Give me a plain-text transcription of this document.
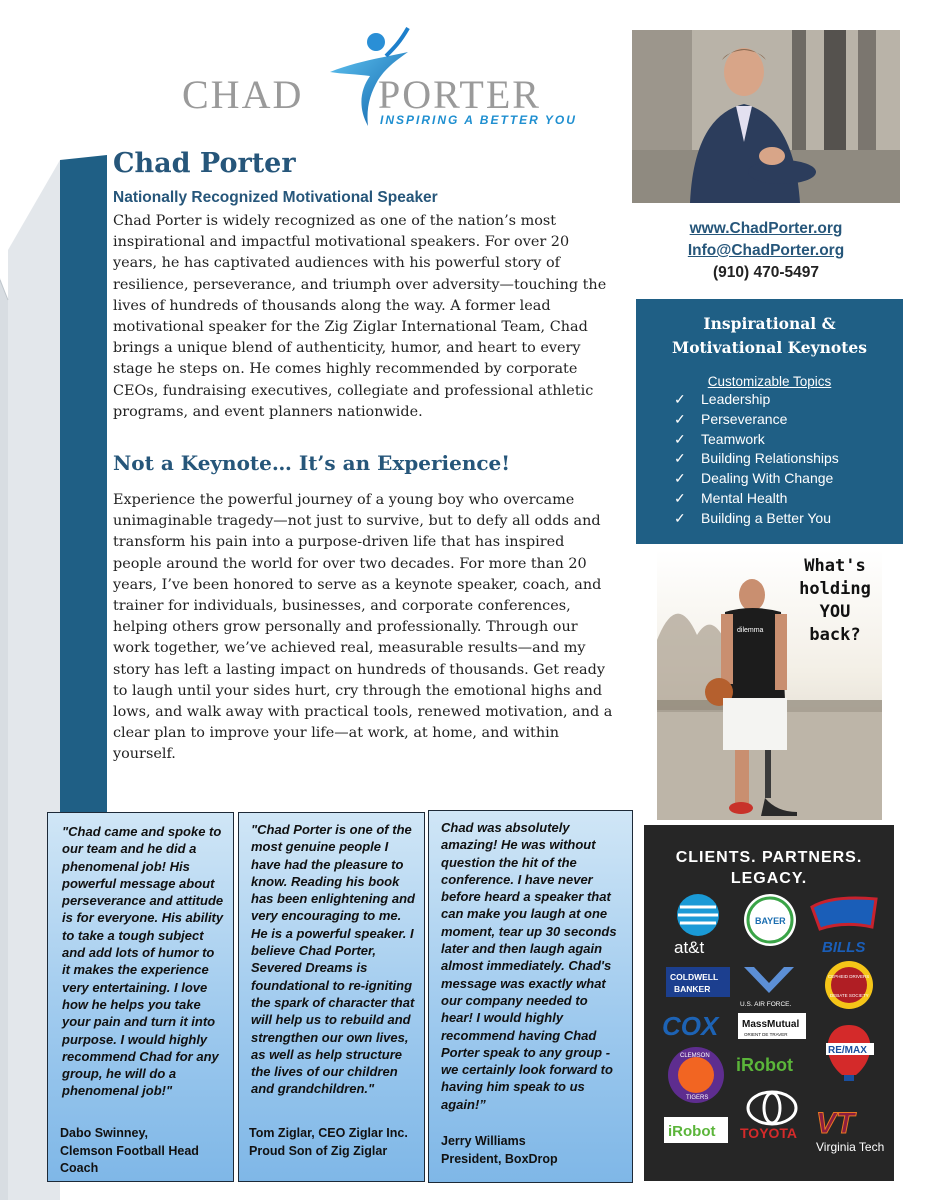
CHAD PORTER
INSPIRING A BETTER YOU
Chad Porter
Nationally Recognized Motivational Speaker

Chad Porter is widely recognized as one of the nation’s most inspirational and impactful motivational speakers. For over 20 years, he has captivated audiences with his powerful story of resilience, perseverance, and triumph over adversity—touching the lives of hundreds of thousands along the way. A former lead motivational speaker for the Zig Ziglar International Team, Chad brings a unique blend of authenticity, humor, and heart to every stage he steps on. He comes highly recommended by corporate CEOs, fundraising executives, collegiate and professional athletic programs, and event planners nationwide.

Not a Keynote… It’s an Experience!

Experience the powerful journey of a young boy who overcame unimaginable tragedy—not just to survive, but to defy all odds and transform his pain into a purpose-driven life that has inspired people around the world for over two decades. For more than 20 years, I’ve been honored to serve as a keynote speaker, coach, and trainer for individuals, businesses, and corporate conferences, helping others grow personally and professionally. Through our work together, we’ve achieved real, measurable results—and my story has left a lasting impact on hundreds of thousands. Get ready to laugh until your sides hurt, cry through the emotional highs and lows, and walk away with practical tools, renewed motivation, and a clear plan to improve your life—at work, at home, and within yourself.

www.ChadPorter.org
Info@ChadPorter.org
(910) 470-5497

Inspirational &
Motivational Keynotes

Customizable Topics

✓ Leadership
✓ Perseverance
✓ Teamwork
✓ Building Relationships
✓ Dealing With Change
✓ Mental Health
✓ Building a Better You
dilemma
What's
holding
YOU
back?
CLIENTS. PARTNERS.
LEGACY.
at&t
BAYER
BILLS
COLDWELL
BANKER
U.S. AIR FORCE.
CEPHEID DRIVERS
DEBATE SOCIETY
COX MassMutual
ORIENT DE TRAVER
RE/MAX
CLEMSON
TIGERS
iRobot
iRobot TOYOTA VT
Virginia Tech

"Chad came and spoke to our team and he did a phenomenal job! His powerful message about perseverance and attitude is for everyone. His ability to take a tough subject and add lots of humor to it makes the experience very entertaining. I love how he helps you take your pain and turn it into purpose. I would highly recommend Chad for any group, he will do a phenomenal job!"

Dabo Swinney,
Clemson Football Head
Coach

"Chad Porter is one of the most genuine people I have had the pleasure to know. Reading his book has been enlightening and very encouraging to me. He is a powerful speaker. I believe Chad Porter, Severed Dreams is foundational to re-igniting the spark of character that will help us to rebuild and strengthen our own lives, as well as help structure the lives of our children and grandchildren."

Tom Ziglar, CEO Ziglar Inc.
Proud Son of Zig Ziglar

Chad was absolutely amazing! He was without question the hit of the conference. I have never before heard a speaker that can make you laugh at one moment, tear up 30 seconds later and then laugh again almost immediately. Chad's message was exactly what our company needed to hear! I would highly recommend having Chad Porter speak to any group - we certainly look forward to having him speak to us again!”

Jerry Williams
President, BoxDrop
